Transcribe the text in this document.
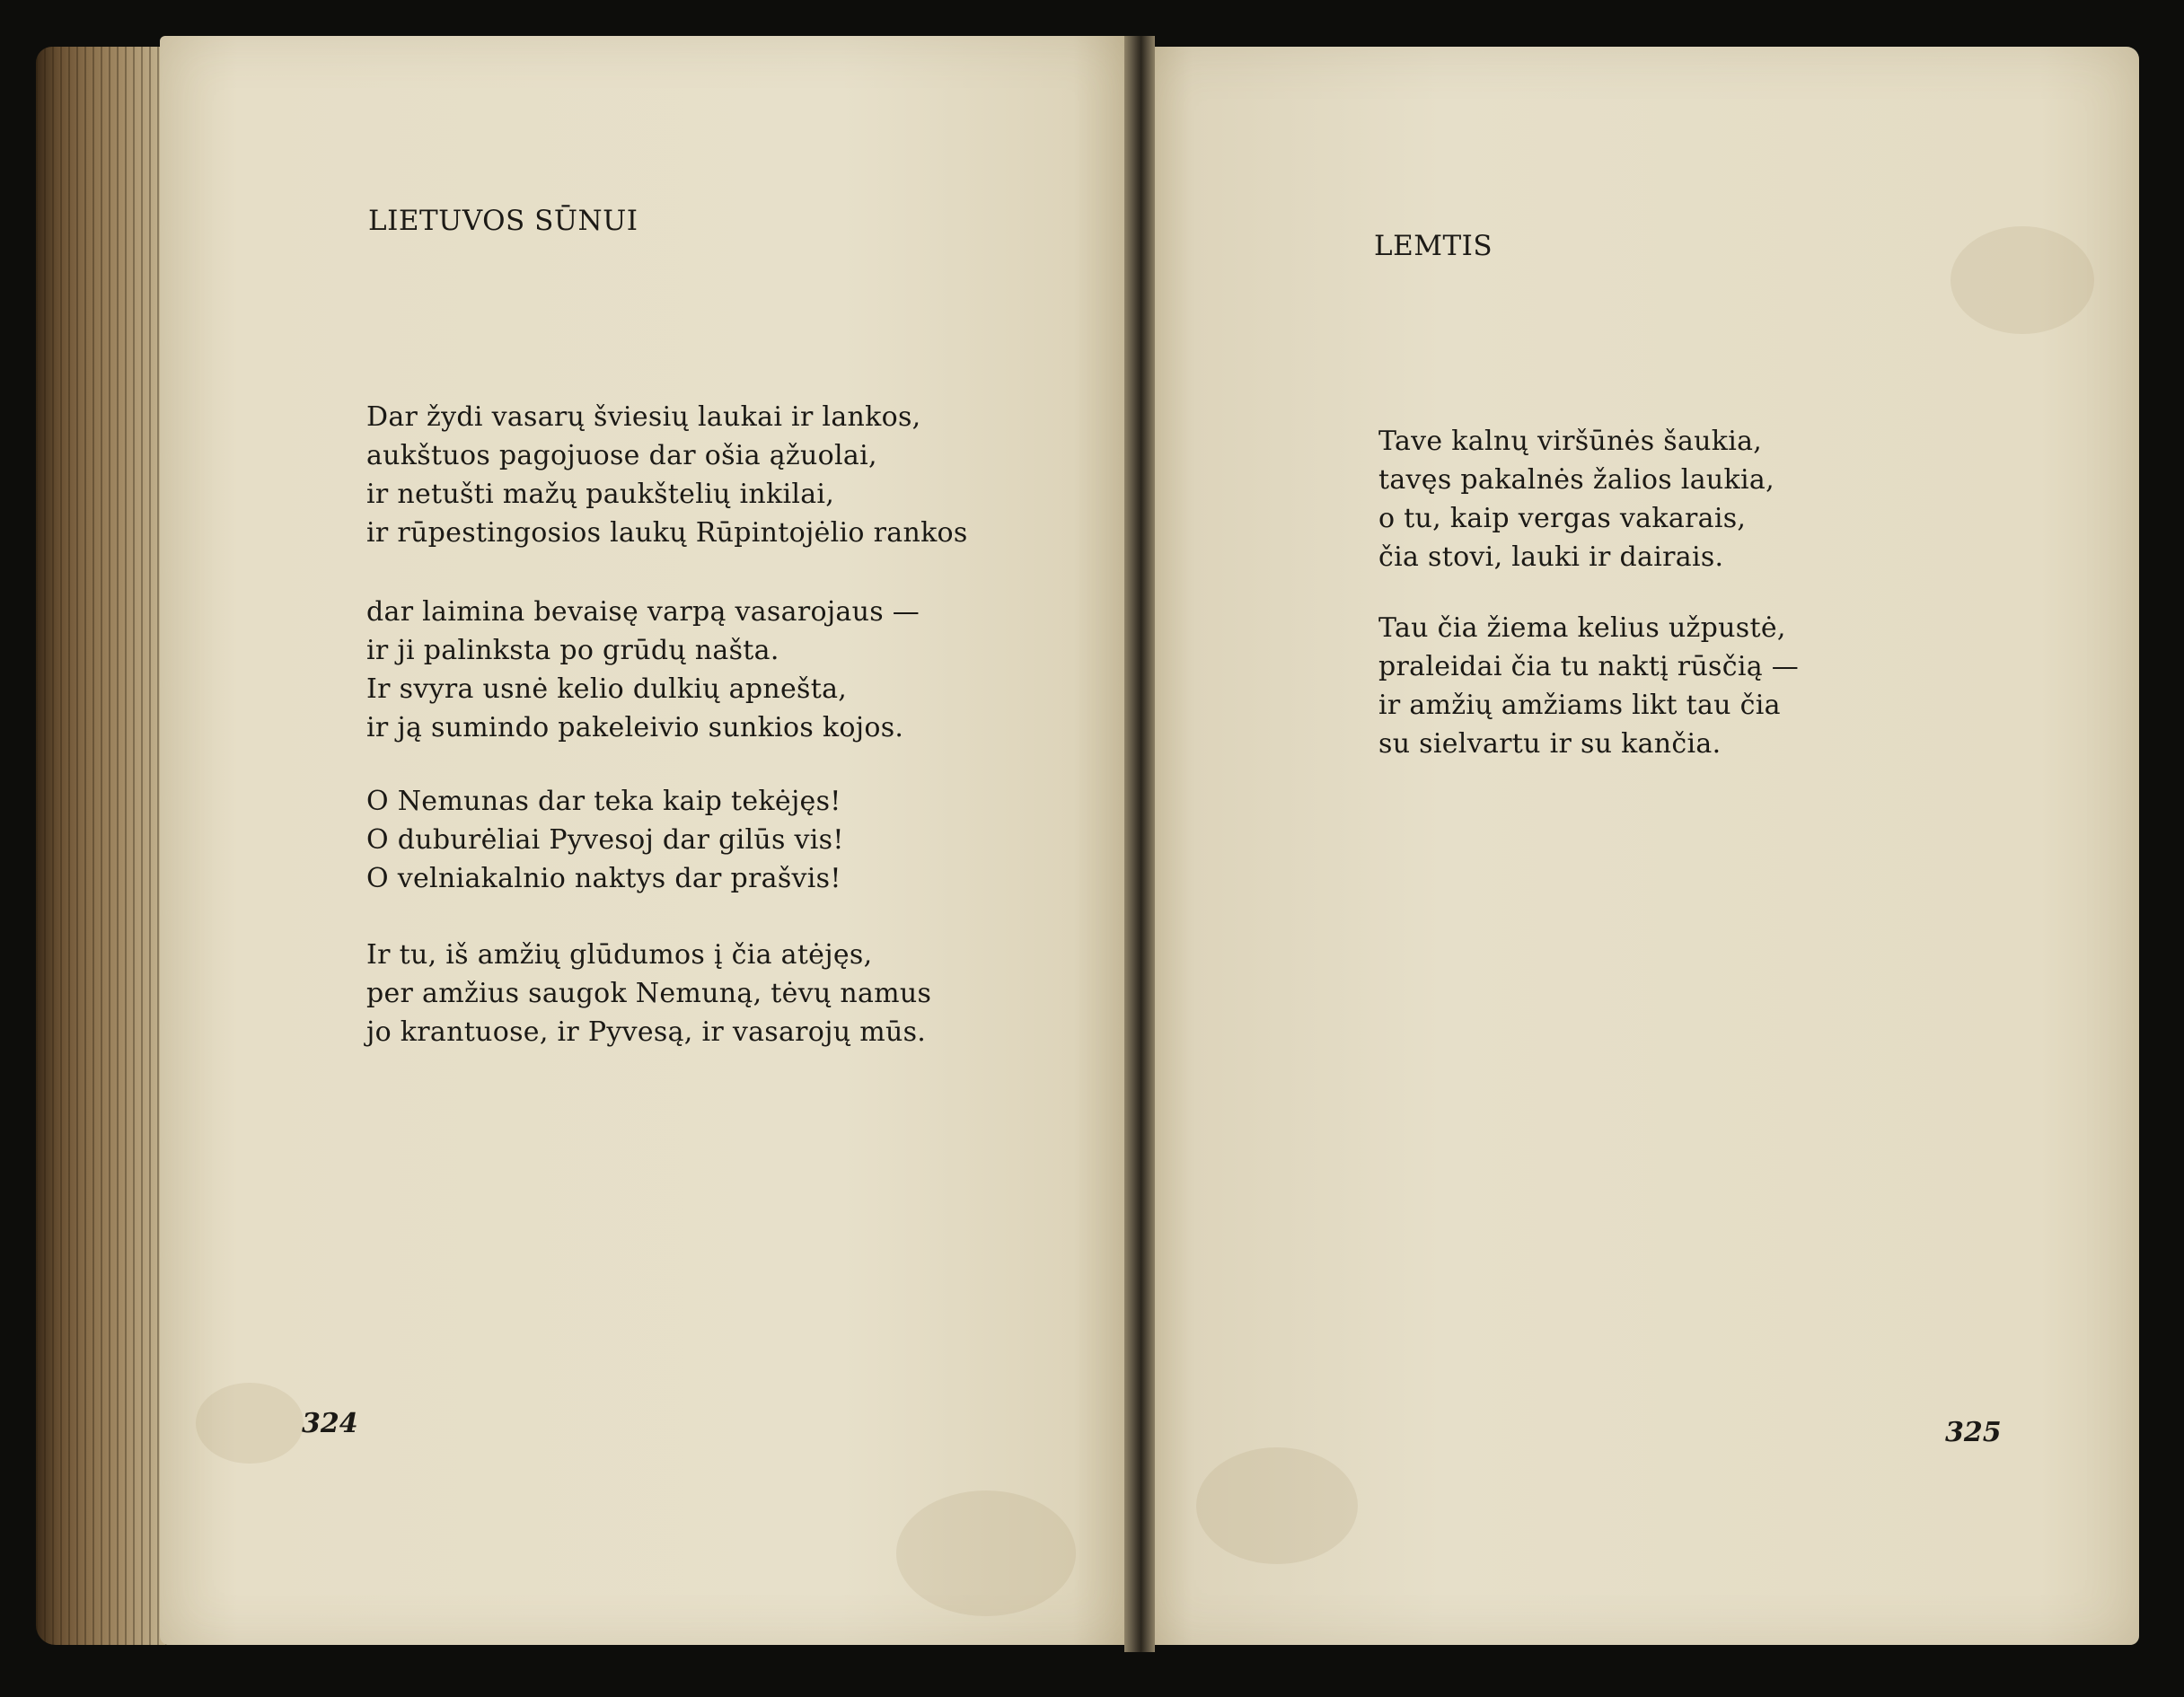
LIETUVOS SŪNUI
Dar žydi vasarų šviesių laukai ir lankos,
aukštuos pagojuose dar ošia ąžuolai,
ir netušti mažų paukštelių inkilai,
ir rūpestingosios laukų Rūpintojėlio rankos
dar laimina bevaisę varpą vasarojaus —
ir ji palinksta po grūdų našta.
Ir svyra usnė kelio dulkių apnešta,
ir ją sumindo pakeleivio sunkios kojos.
O Nemunas dar teka kaip tekėjęs!
O duburėliai Pyvesoj dar gilūs vis!
O velniakalnio naktys dar prašvis!
Ir tu, iš amžių glūdumos į čia atėjęs,
per amžius saugok Nemuną, tėvų namus
jo krantuose, ir Pyvesą, ir vasarojų mūs.
324
LEMTIS
Tave kalnų viršūnės šaukia,
tavęs pakalnės žalios laukia,
o tu, kaip vergas vakarais,
čia stovi, lauki ir dairais.
Tau čia žiema kelius užpustė,
praleidai čia tu naktį rūsčią —
ir amžių amžiams likt tau čia
su sielvartu ir su kančia.
325
